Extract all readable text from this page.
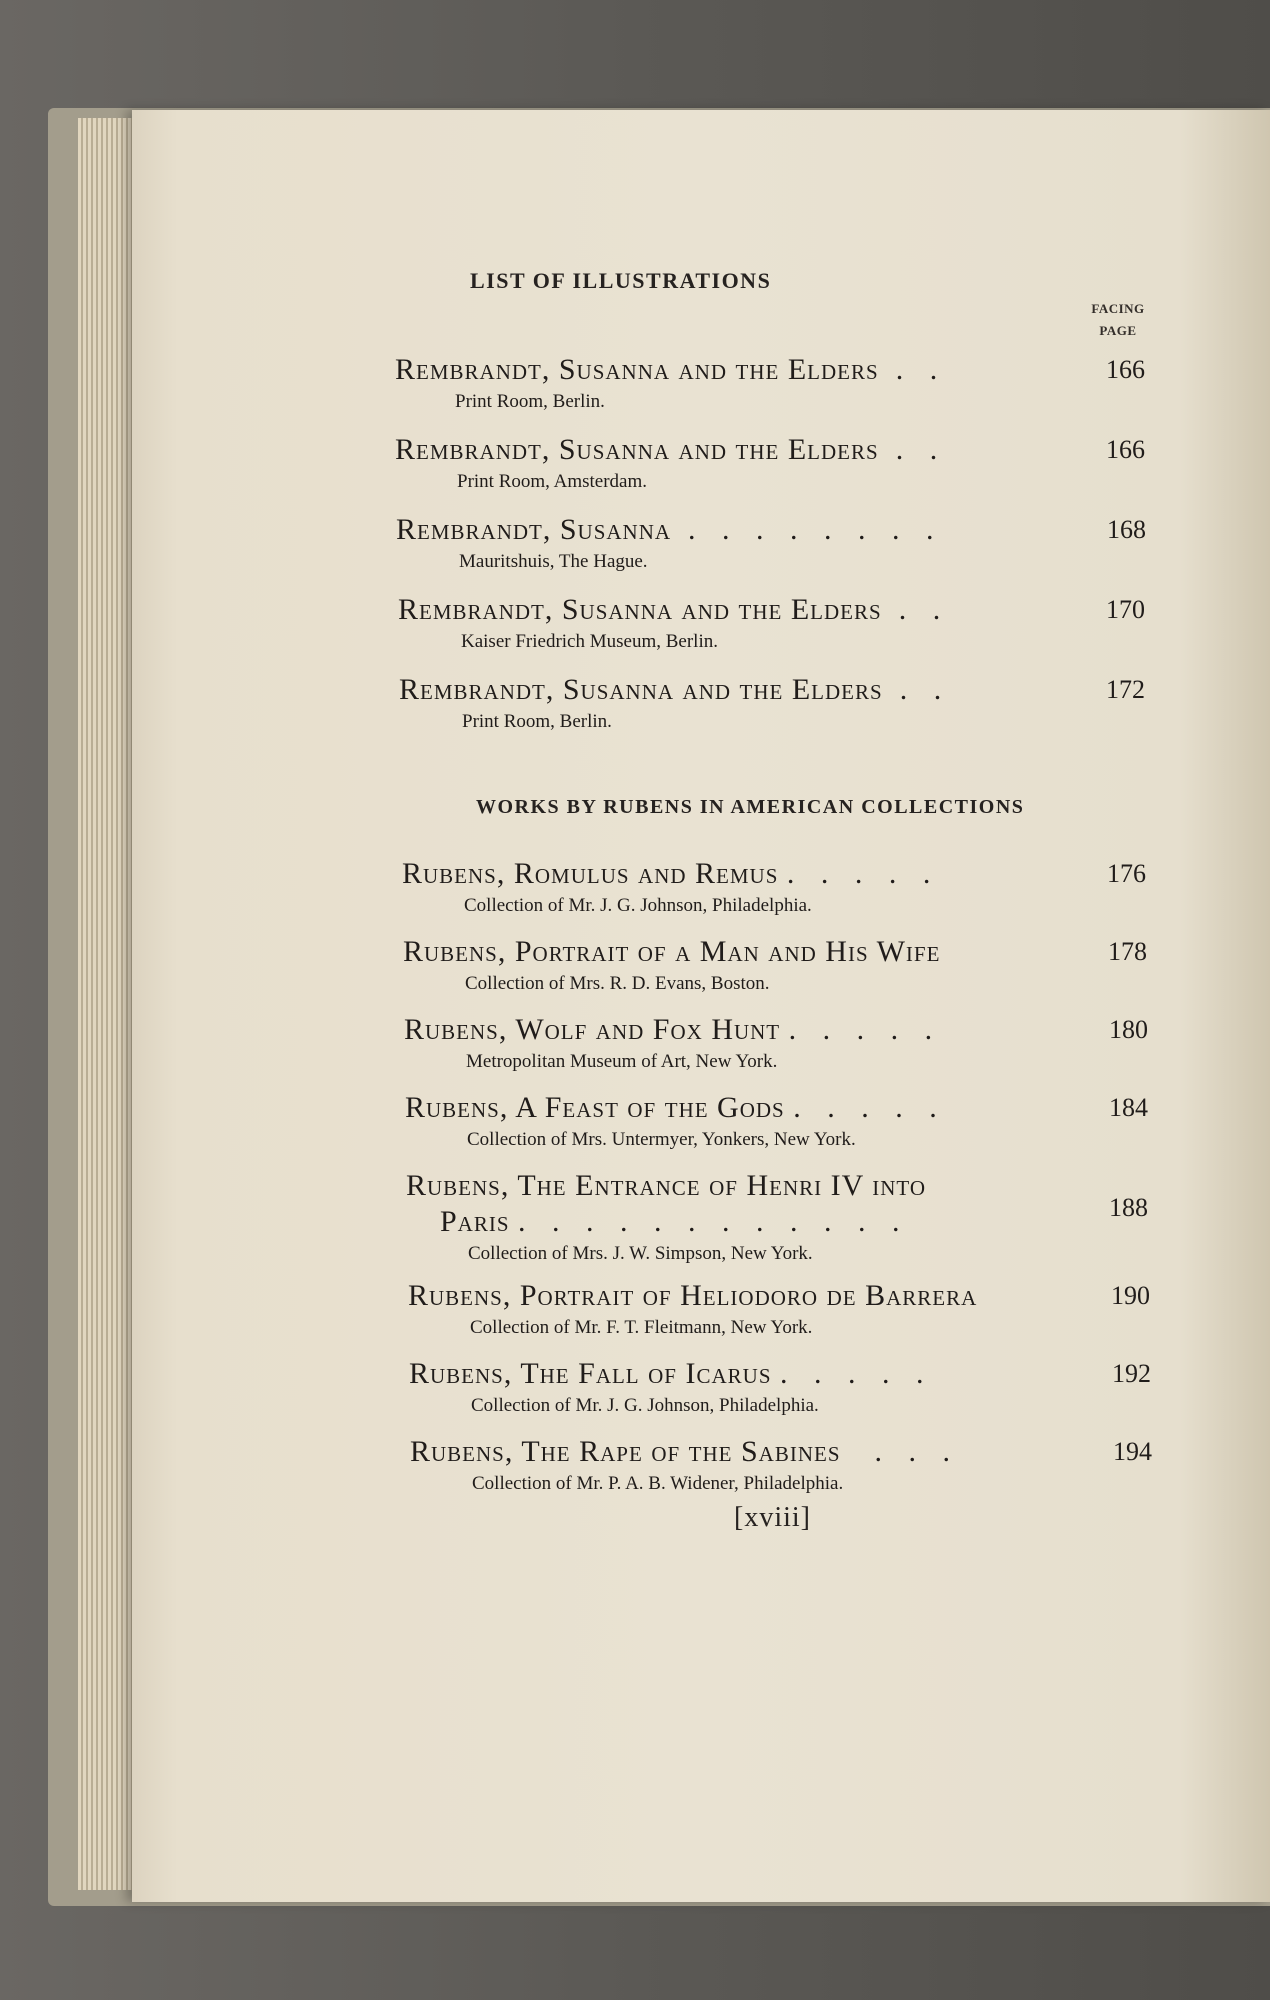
LIST OF ILLUSTRATIONS
FACING
PAGE
Rembrandt, Susanna and the Elders  .   .
Print Room, Berlin.
166
Rembrandt, Susanna and the Elders  .   .
Print Room, Amsterdam.
166
Rembrandt, Susanna  .   .   .   .   .   .   .   .
Mauritshuis, The Hague.
168
Rembrandt, Susanna and the Elders  .   .
Kaiser Friedrich Museum, Berlin.
170
Rembrandt, Susanna and the Elders  .   .
Print Room, Berlin.
172
WORKS BY RUBENS IN AMERICAN COLLECTIONS
Rubens, Romulus and Remus .   .   .   .   .
Collection of Mr. J. G. Johnson, Philadelphia.
176
Rubens, Portrait of a Man and His Wife
Collection of Mrs. R. D. Evans, Boston.
178
Rubens, Wolf and Fox Hunt .   .   .   .   .
Metropolitan Museum of Art, New York.
180
Rubens, A Feast of the Gods .   .   .   .   .
Collection of Mrs. Untermyer, Yonkers, New York.
184
Rubens, The Entrance of Henri IV into
Paris .   .   .   .   .   .   .   .   .   .   .   .
Collection of Mrs. J. W. Simpson, New York.
188
Rubens, Portrait of Heliodoro de Barrera
Collection of Mr. F. T. Fleitmann, New York.
190
Rubens, The Fall of Icarus .   .   .   .   .
Collection of Mr. J. G. Johnson, Philadelphia.
192
Rubens, The Rape of the Sabines    .   .   .
Collection of Mr. P. A. B. Widener, Philadelphia.
194
[xviii]
